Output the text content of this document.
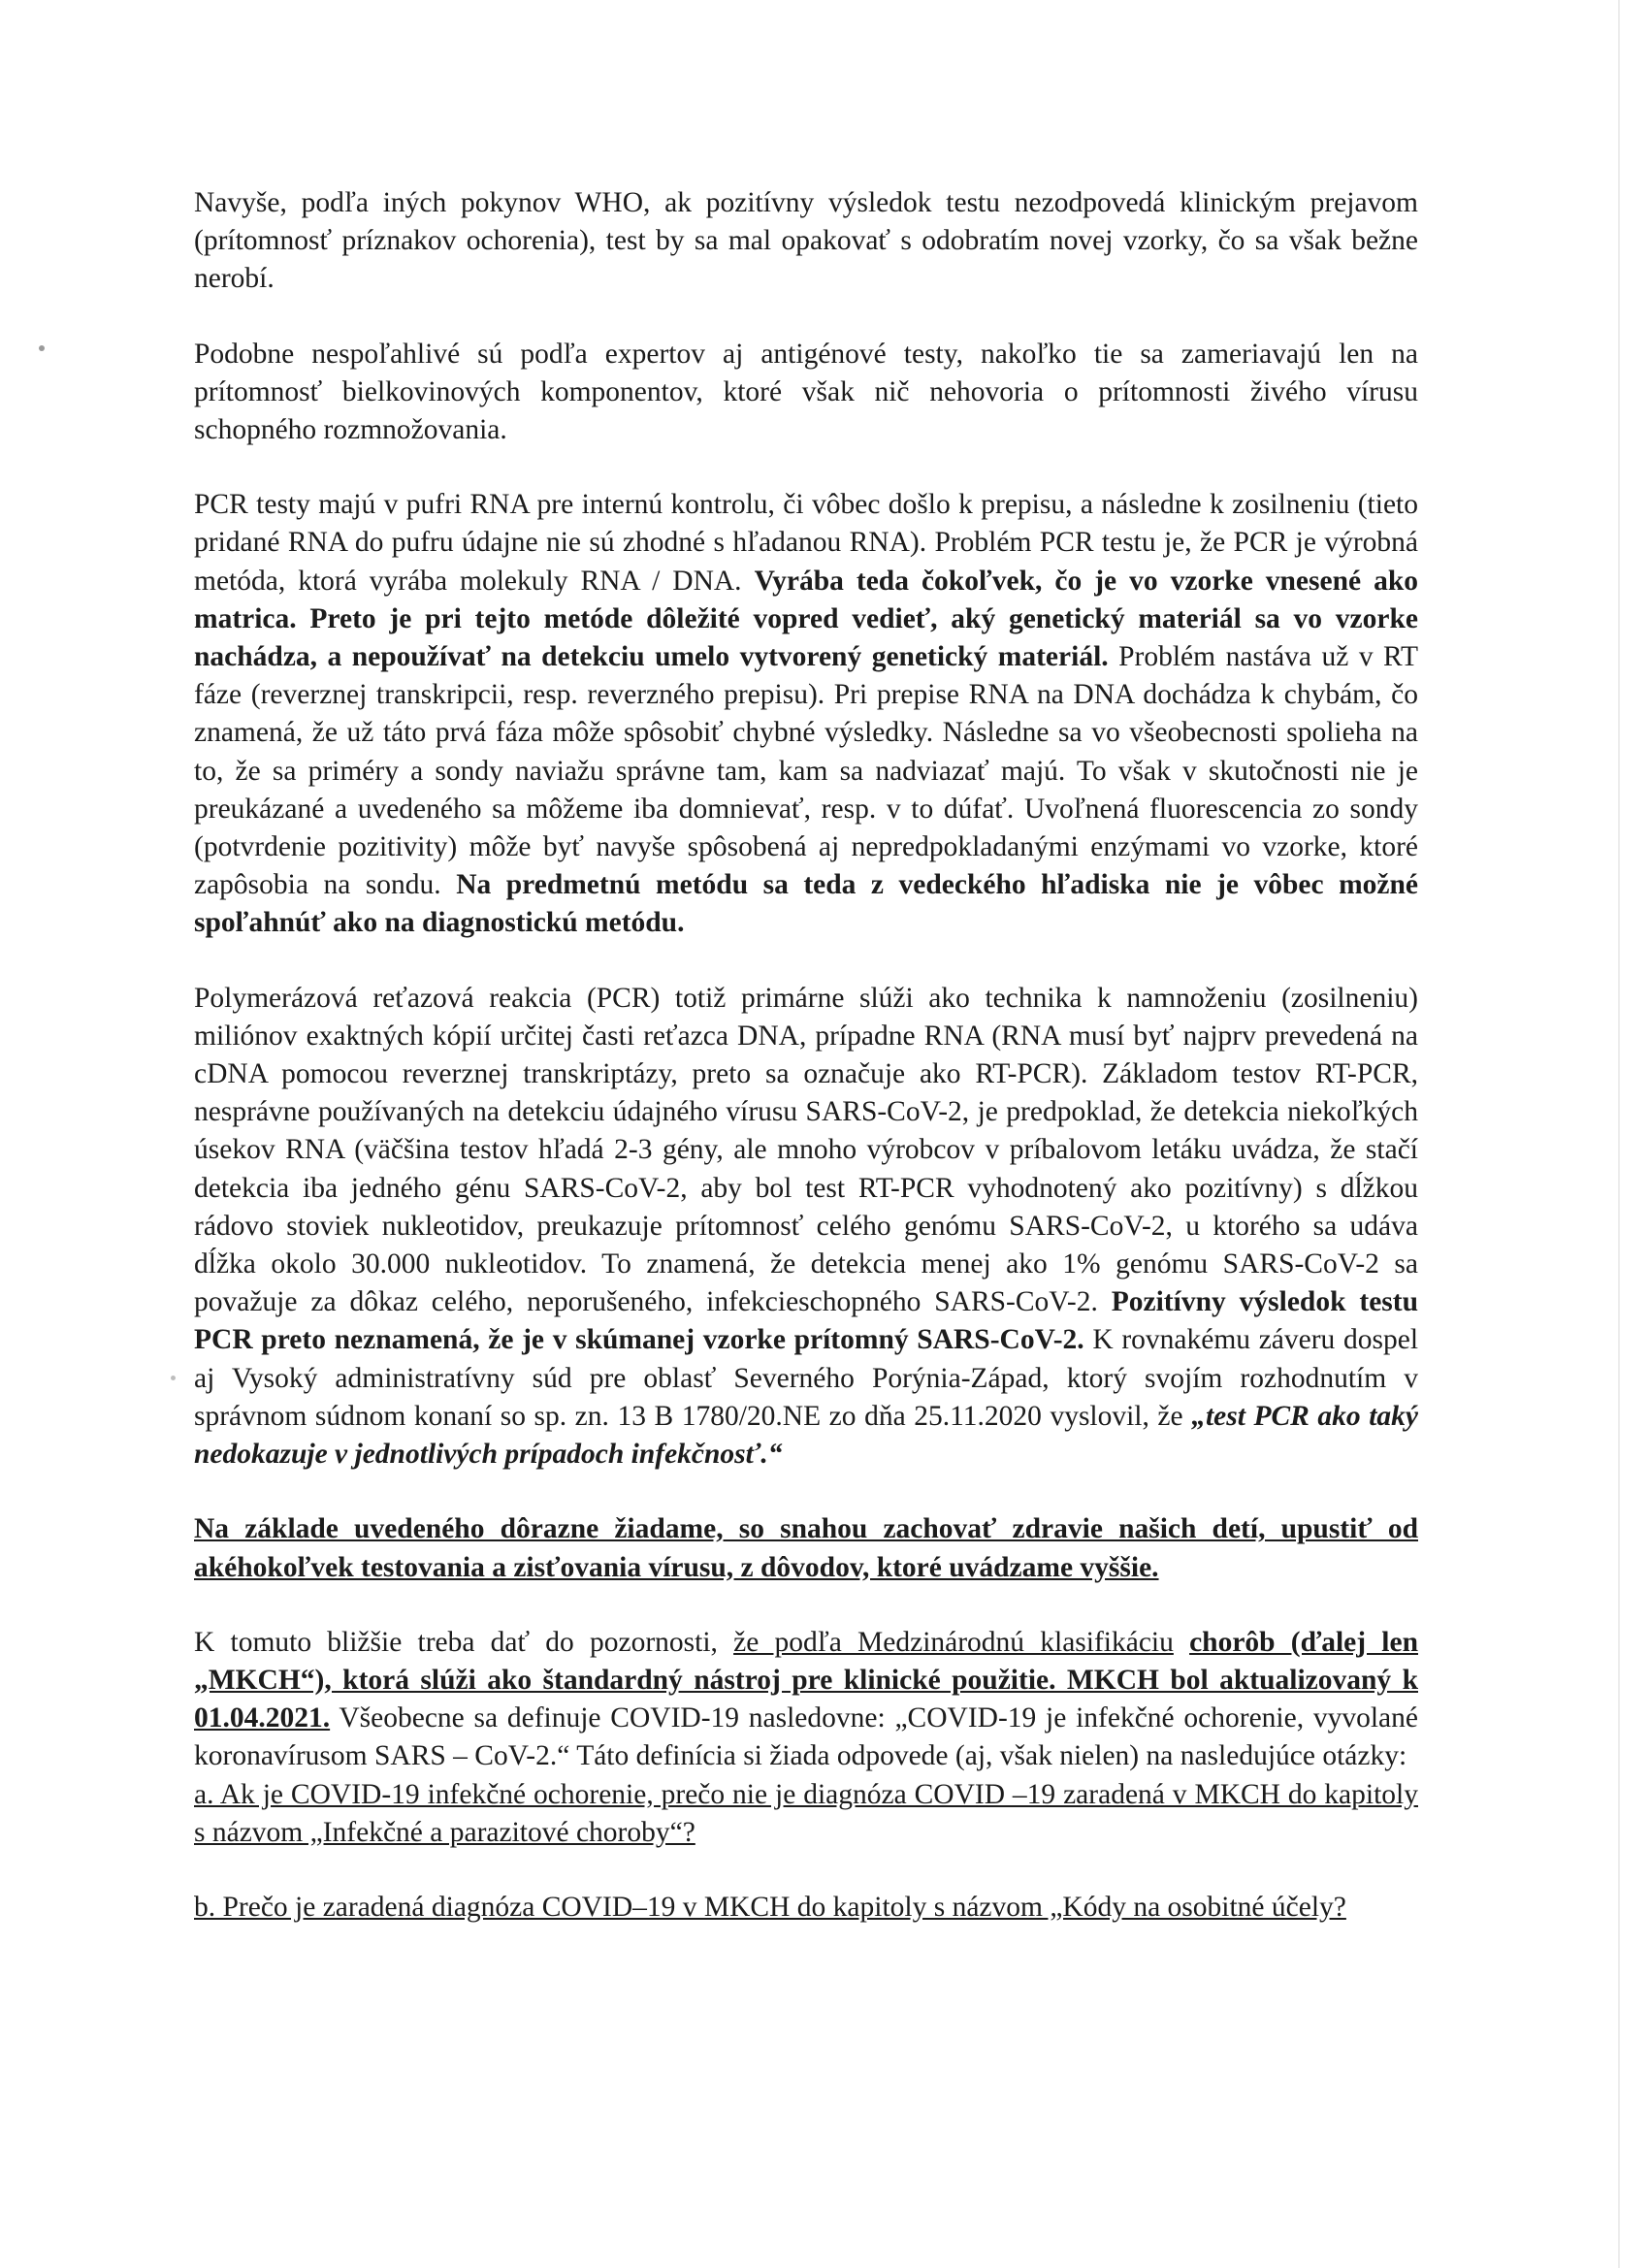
Navyše, podľa iných pokynov WHO, ak pozitívny výsledok testu nezodpovedá klinickým prejavom (prítomnosť príznakov ochorenia), test by sa mal opakovať s odobratím novej vzorky, čo sa však bežne nerobí.

Podobne nespoľahlivé sú podľa expertov aj antigénové testy, nakoľko tie sa zameriavajú len na prítomnosť bielkovinových komponentov, ktoré však nič nehovoria o prítomnosti živého vírusu schopného rozmnožovania.

PCR testy majú v pufri RNA pre internú kontrolu, či vôbec došlo k prepisu, a následne k zosilneniu (tieto pridané RNA do pufru údajne nie sú zhodné s hľadanou RNA). Problém PCR testu je, že PCR je výrobná metóda, ktorá vyrába molekuly RNA / DNA. Vyrába teda čokoľvek, čo je vo vzorke vnesené ako matrica. Preto je pri tejto metóde dôležité vopred vedieť, aký genetický materiál sa vo vzorke nachádza, a nepoužívať na detekciu umelo vytvorený genetický materiál. Problém nastáva už v RT fáze (reverznej transkripcii, resp. reverzného prepisu). Pri prepise RNA na DNA dochádza k chybám, čo znamená, že už táto prvá fáza môže spôsobiť chybné výsledky. Následne sa vo všeobecnosti spolieha na to, že sa priméry a sondy naviažu správne tam, kam sa nadviazať majú. To však v skutočnosti nie je preukázané a uvedeného sa môžeme iba domnievať, resp. v to dúfať. Uvoľnená fluorescencia zo sondy (potvrdenie pozitivity) môže byť navyše spôsobená aj nepredpokladanými enzýmami vo vzorke, ktoré zapôsobia na sondu. Na predmetnú metódu sa teda z vedeckého hľadiska nie je vôbec možné spoľahnúť ako na diagnostickú metódu.

Polymerázová reťazová reakcia (PCR) totiž primárne slúži ako technika k namnoženiu (zosilneniu) miliónov exaktných kópií určitej časti reťazca DNA, prípadne RNA (RNA musí byť najprv prevedená na cDNA pomocou reverznej transkriptázy, preto sa označuje ako RT-PCR). Základom testov RT-PCR, nesprávne používaných na detekciu údajného vírusu SARS-CoV-2, je predpoklad, že detekcia niekoľkých úsekov RNA (väčšina testov hľadá 2-3 gény, ale mnoho výrobcov v príbalovom letáku uvádza, že stačí detekcia iba jedného génu SARS-CoV-2, aby bol test RT-PCR vyhodnotený ako pozitívny) s dĺžkou rádovo stoviek nukleotidov, preukazuje prítomnosť celého genómu SARS-CoV-2, u ktorého sa udáva dĺžka okolo 30.000 nukleotidov. To znamená, že detekcia menej ako 1% genómu SARS-CoV-2 sa považuje za dôkaz celého, neporušeného, infekcieschopného SARS-CoV-2. Pozitívny výsledok testu PCR preto neznamená, že je v skúmanej vzorke prítomný SARS-CoV-2. K rovnakému záveru dospel aj Vysoký administratívny súd pre oblasť Severného Porýnia-Západ, ktorý svojím rozhodnutím v správnom súdnom konaní so sp. zn. 13 B 1780/20.NE zo dňa 25.11.2020 vyslovil, že „test PCR ako taký nedokazuje v jednotlivých prípadoch infekčnosť.“

Na základe uvedeného dôrazne žiadame, so snahou zachovať zdravie našich detí, upustiť od akéhokoľvek testovania a zisťovania vírusu, z dôvodov, ktoré uvádzame vyššie.

K tomuto bližšie treba dať do pozornosti, že podľa Medzinárodnú klasifikáciu chorôb (ďalej len „MKCH“), ktorá slúži ako štandardný nástroj pre klinické použitie. MKCH bol aktualizovaný k 01.04.2021. Všeobecne sa definuje COVID-19 nasledovne: „COVID-19 je infekčné ochorenie, vyvolané koronavírusom SARS – CoV-2.“ Táto definícia si žiada odpovede (aj, však nielen) na nasledujúce otázky:

a. Ak je COVID-19 infekčné ochorenie, prečo nie je diagnóza COVID –19 zaradená v MKCH do kapitoly s názvom „Infekčné a parazitové choroby“?

b. Prečo je zaradená diagnóza COVID–19 v MKCH do kapitoly s názvom „Kódy na osobitné účely?
